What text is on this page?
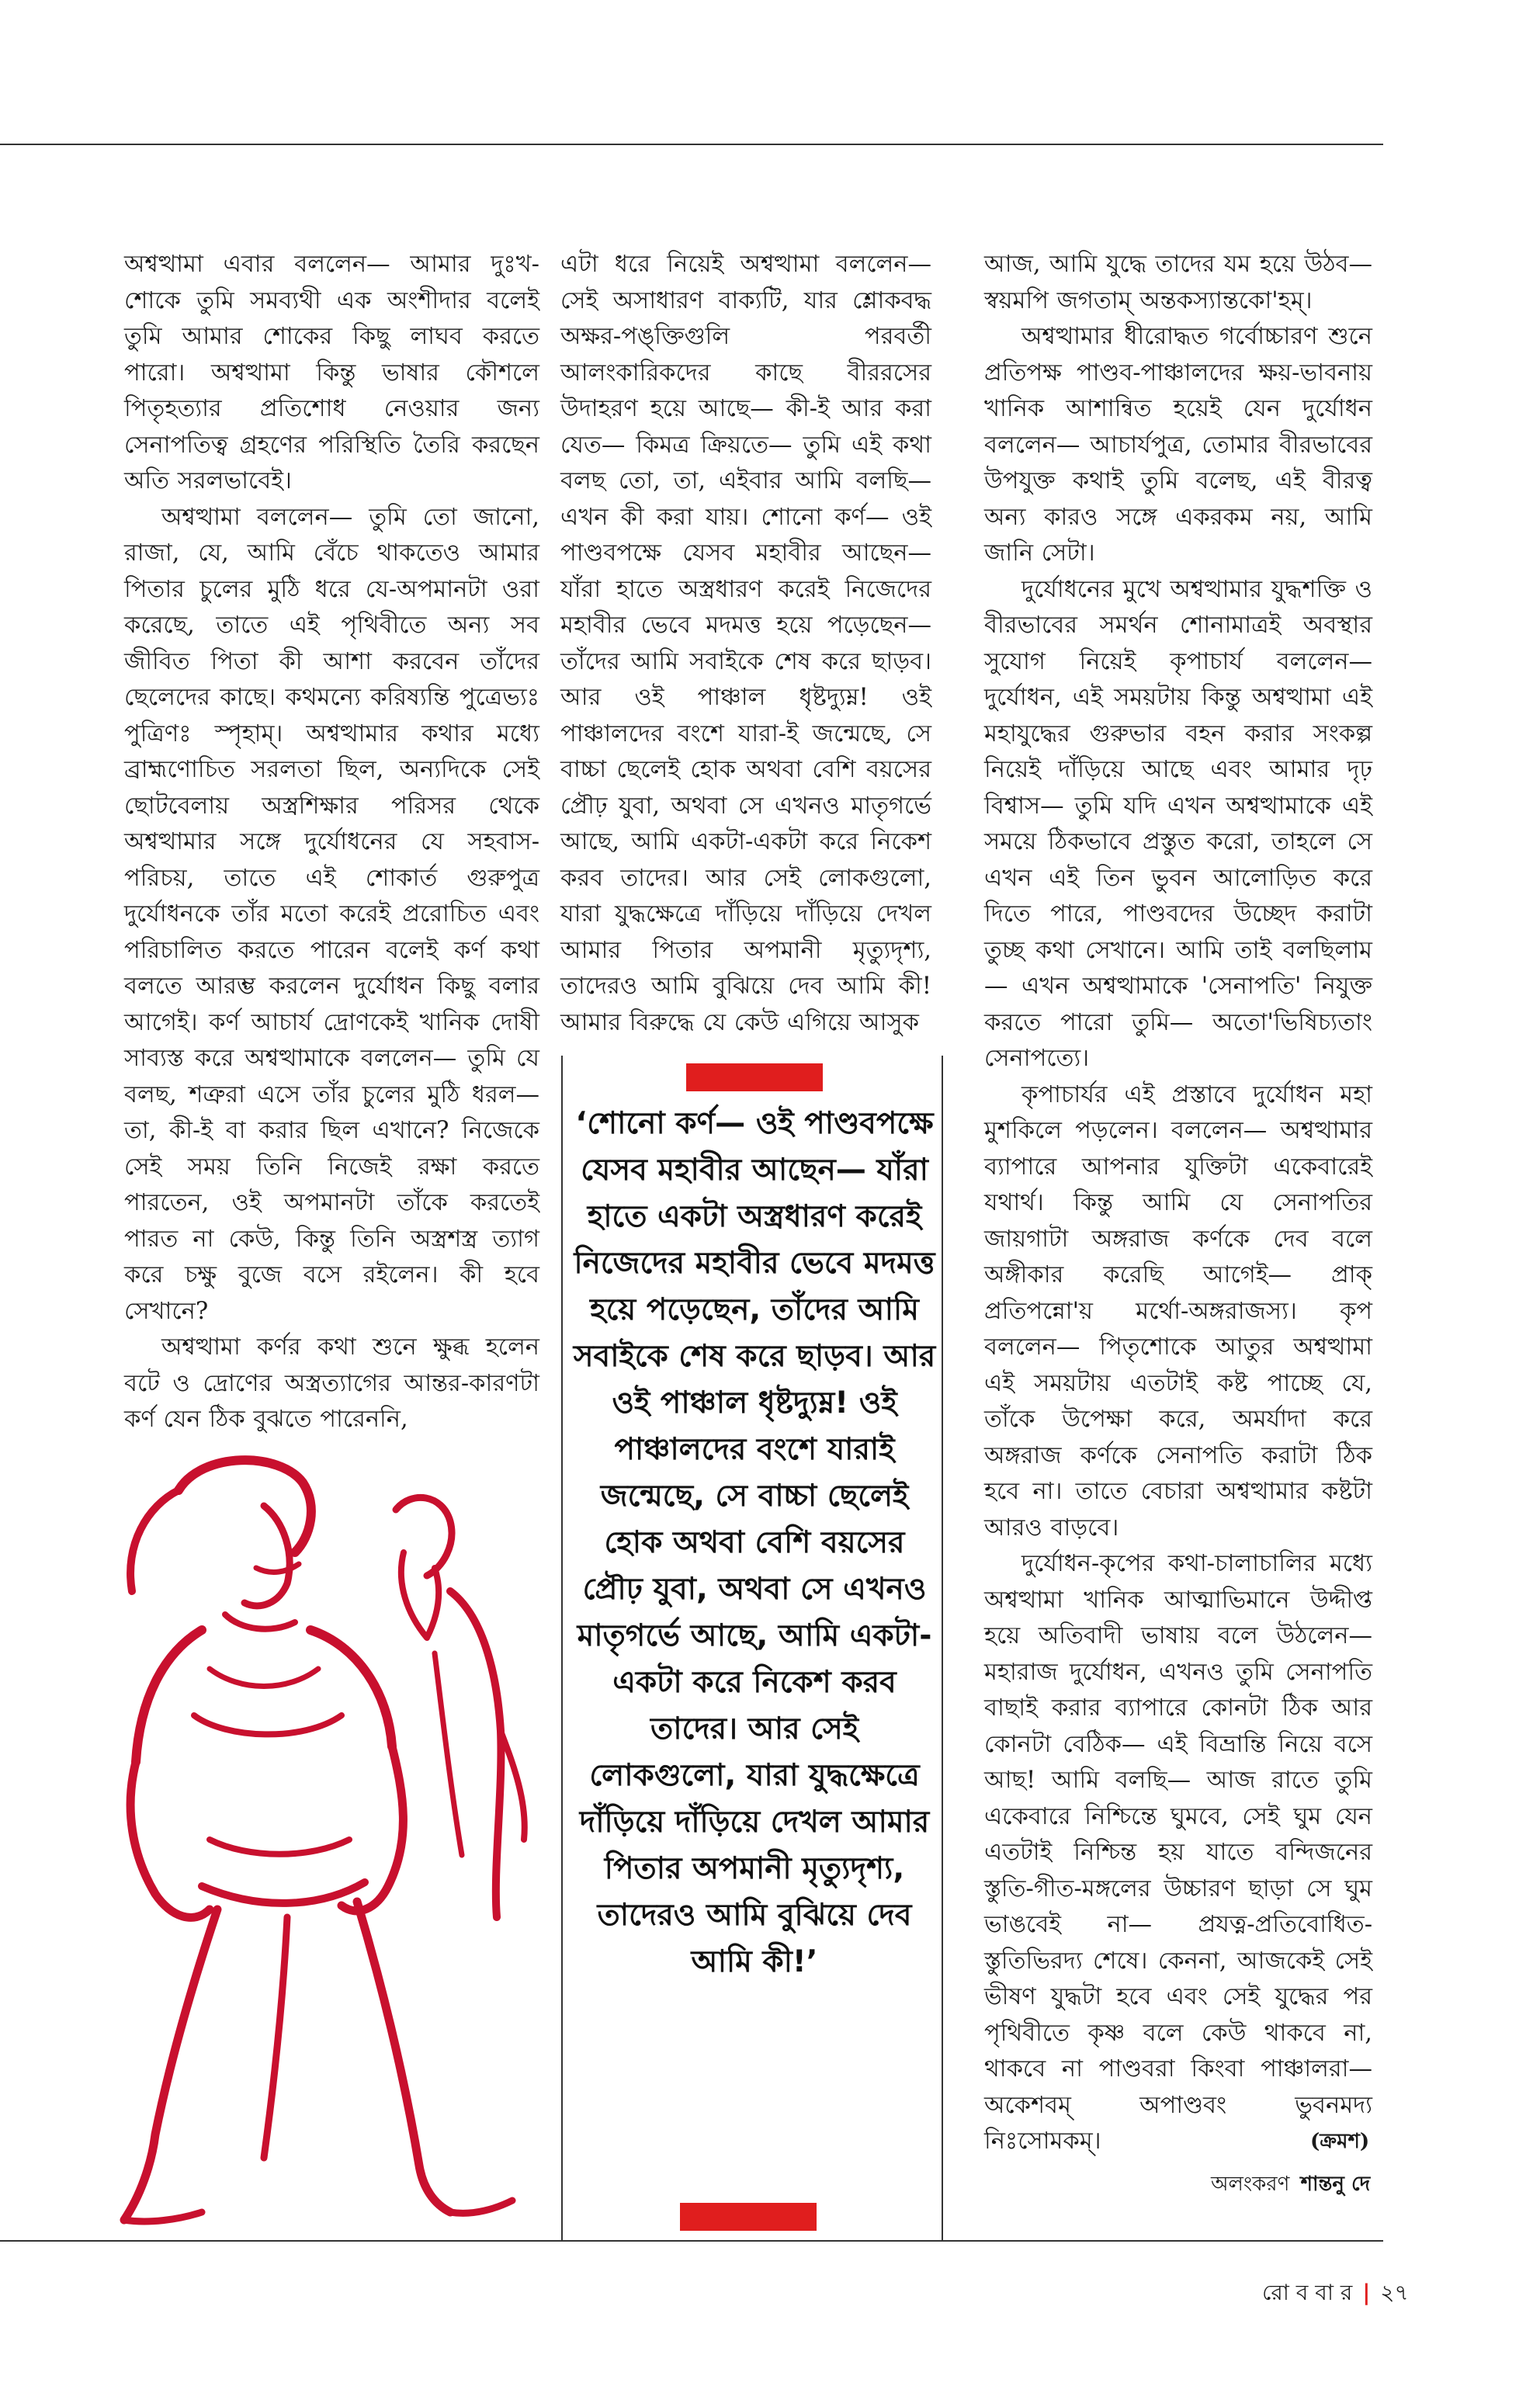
অশ্বত্থামা এবার বললেন— আমার দুঃখ-শোকে তুমি সমব্যথী এক অংশীদার বলেই তুমি আমার শোকের কিছু লাঘব করতে পারো। অশ্বত্থামা কিন্তু ভাষার কৌশলে পিতৃহত্যার প্রতিশোধ নেওয়ার জন্য সেনাপতিত্ব গ্রহণের পরিস্থিতি তৈরি করছেন অতি সরলভাবেই।

অশ্বত্থামা বললেন— তুমি তো জানো, রাজা, যে, আমি বেঁচে থাকতেও আমার পিতার চুলের মুঠি ধরে যে-অপমানটা ওরা করেছে, তাতে এই পৃথিবীতে অন্য সব জীবিত পিতা কী আশা করবেন তাঁদের ছেলেদের কাছে। কথমন্যে করিষ্যন্তি পুত্রেভ্যঃ পুত্রিণঃ স্পৃহাম্। অশ্বত্থামার কথার মধ্যে ব্রাহ্মণোচিত সরলতা ছিল, অন্যদিকে সেই ছোটবেলায় অস্ত্রশিক্ষার পরিসর থেকে অশ্বত্থামার সঙ্গে দুর্যোধনের যে সহবাস-পরিচয়, তাতে এই শোকার্ত গুরুপুত্র দুর্যোধনকে তাঁর মতো করেই প্ররোচিত এবং পরিচালিত করতে পারেন বলেই কর্ণ কথা বলতে আরম্ভ করলেন দুর্যোধন কিছু বলার আগেই। কর্ণ আচার্য দ্রোণকেই খানিক দোষী সাব্যস্ত করে অশ্বত্থামাকে বললেন— তুমি যে বলছ, শত্রুরা এসে তাঁর চুলের মুঠি ধরল— তা, কী-ই বা করার ছিল এখানে? নিজেকে সেই সময় তিনি নিজেই রক্ষা করতে পারতেন, ওই অপমানটা তাঁকে করতেই পারত না কেউ, কিন্তু তিনি অস্ত্রশস্ত্র ত্যাগ করে চক্ষু বুজে বসে রইলেন। কী হবে সেখানে?

অশ্বত্থামা কর্ণর কথা শুনে ক্ষুব্ধ হলেন বটে ও দ্রোণের অস্ত্রত্যাগের আন্তর-কারণটা কর্ণ যেন ঠিক বুঝতে পারেননি,

এটা ধরে নিয়েই অশ্বত্থামা বললেন— সেই অসাধারণ বাক্যটি, যার শ্লোকবদ্ধ অক্ষর-পঙ্‌ক্তিগুলি পরবর্তী আলংকারিকদের কাছে বীররসের উদাহরণ হয়ে আছে— কী-ই আর করা যেত— কিমত্র ক্রিয়তে— তুমি এই কথা বলছ তো, তা, এইবার আমি বলছি— এখন কী করা যায়। শোনো কর্ণ— ওই পাণ্ডবপক্ষে যেসব মহাবীর আছেন— যাঁরা হাতে অস্ত্রধারণ করেই নিজেদের মহাবীর ভেবে মদমত্ত হয়ে পড়েছেন— তাঁদের আমি সবাইকে শেষ করে ছাড়ব। আর ওই পাঞ্চাল ধৃষ্টদ্যুম্ন! ওই পাঞ্চালদের বংশে যারা-ই জন্মেছে, সে বাচ্চা ছেলেই হোক অথবা বেশি বয়সের প্রৌঢ় যুবা, অথবা সে এখনও মাতৃগর্ভে আছে, আমি একটা-একটা করে নিকেশ করব তাদের। আর সেই লোকগুলো, যারা যুদ্ধক্ষেত্রে দাঁড়িয়ে দাঁড়িয়ে দেখল আমার পিতার অপমানী মৃত্যুদৃশ্য, তাদেরও আমি বুঝিয়ে দেব আমি কী! আমার বিরুদ্ধে যে কেউ এগিয়ে আসুক

আজ, আমি যুদ্ধে তাদের যম হয়ে উঠব— স্বয়মপি জগতাম্ অন্তকস্যান্তকো'হম্।

অশ্বত্থামার ধীরোদ্ধত গর্বোচ্চারণ শুনে প্রতিপক্ষ পাণ্ডব-পাঞ্চালদের ক্ষয়-ভাবনায় খানিক আশান্বিত হয়েই যেন দুর্যোধন বললেন— আচার্যপুত্র, তোমার বীরভাবের উপযুক্ত কথাই তুমি বলেছ, এই বীরত্ব অন্য কারও সঙ্গে একরকম নয়, আমি জানি সেটা।

দুর্যোধনের মুখে অশ্বত্থামার যুদ্ধশক্তি ও বীরভাবের সমর্থন শোনামাত্রই অবস্থার সুযোগ নিয়েই কৃপাচার্য বললেন— দুর্যোধন, এই সময়টায় কিন্তু অশ্বত্থামা এই মহাযুদ্ধের গুরুভার বহন করার সংকল্প নিয়েই দাঁড়িয়ে আছে এবং আমার দৃঢ় বিশ্বাস— তুমি যদি এখন অশ্বত্থামাকে এই সময়ে ঠিকভাবে প্রস্তুত করো, তাহলে সে এখন এই তিন ভুবন আলোড়িত করে দিতে পারে, পাণ্ডবদের উচ্ছেদ করাটা তুচ্ছ কথা সেখানে। আমি তাই বলছিলাম— এখন অশ্বত্থামাকে 'সেনাপতি' নিযুক্ত করতে পারো তুমি— অতো'ভিষিচ্যতাং সেনাপত্যে।

কৃপাচার্যর এই প্রস্তাবে দুর্যোধন মহা মুশকিলে পড়লেন। বললেন— অশ্বত্থামার ব্যাপারে আপনার যুক্তিটা একেবারেই যথার্থ। কিন্তু আমি যে সেনাপতির জায়গাটা অঙ্গরাজ কর্ণকে দেব বলে অঙ্গীকার করেছি আগেই— প্রাক্‌ প্রতিপন্নো'য় মর্থো-অঙ্গরাজস্য। কৃপ বললেন— পিতৃশোকে আতুর অশ্বত্থামা এই সময়টায় এতটাই কষ্ট পাচ্ছে যে, তাঁকে উপেক্ষা করে, অমর্যাদা করে অঙ্গরাজ কর্ণকে সেনাপতি করাটা ঠিক হবে না। তাতে বেচারা অশ্বত্থামার কষ্টটা আরও বাড়বে।

দুর্যোধন-কৃপের কথা-চালাচালির মধ্যে অশ্বত্থামা খানিক আত্মাভিমানে উদ্দীপ্ত হয়ে অতিবাদী ভাষায় বলে উঠলেন— মহারাজ দুর্যোধন, এখনও তুমি সেনাপতি বাছাই করার ব্যাপারে কোনটা ঠিক আর কোনটা বেঠিক— এই বিভ্রান্তি নিয়ে বসে আছ! আমি বলছি— আজ রাতে তুমি একেবারে নিশ্চিন্তে ঘুমবে, সেই ঘুম যেন এতটাই নিশ্চিন্ত হয় যাতে বন্দিজনের স্তুতি-গীত-মঙ্গলের উচ্চারণ ছাড়া সে ঘুম ভাঙবেই না— প্রযত্ন-প্রতিবোধিত-স্তুতিভিরদ্য শেষে। কেননা, আজকেই সেই ভীষণ যুদ্ধটা হবে এবং সেই যুদ্ধের পর পৃথিবীতে কৃষ্ণ বলে কেউ থাকবে না, থাকবে না পাণ্ডবরা কিংবা পাঞ্চালরা— অকেশবম্‌ অপাণ্ডবং ভুবনমদ্য নিঃসোমকম্।

‘শোনো কর্ণ— ওই পাণ্ডবপক্ষে যেসব মহাবীর আছেন— যাঁরা হাতে একটা অস্ত্রধারণ করেই নিজেদের মহাবীর ভেবে মদমত্ত হয়ে পড়েছেন, তাঁদের আমি সবাইকে শেষ করে ছাড়ব। আর ওই পাঞ্চাল ধৃষ্টদ্যুম্ন! ওই পাঞ্চালদের বংশে যারাই জন্মেছে, সে বাচ্চা ছেলেই হোক অথবা বেশি বয়সের প্রৌঢ় যুবা, অথবা সে এখনও মাতৃগর্ভে আছে, আমি একটা-একটা করে নিকেশ করব তাদের। আর সেই লোকগুলো, যারা যুদ্ধক্ষেত্রে দাঁড়িয়ে দাঁড়িয়ে দেখল আমার পিতার অপমানী মৃত্যুদৃশ্য, তাদেরও আমি বুঝিয়ে দেব আমি কী!’
(ক্রমশ)
অলংকরণ শান্তনু দে
রো ব বা র | ২৭
